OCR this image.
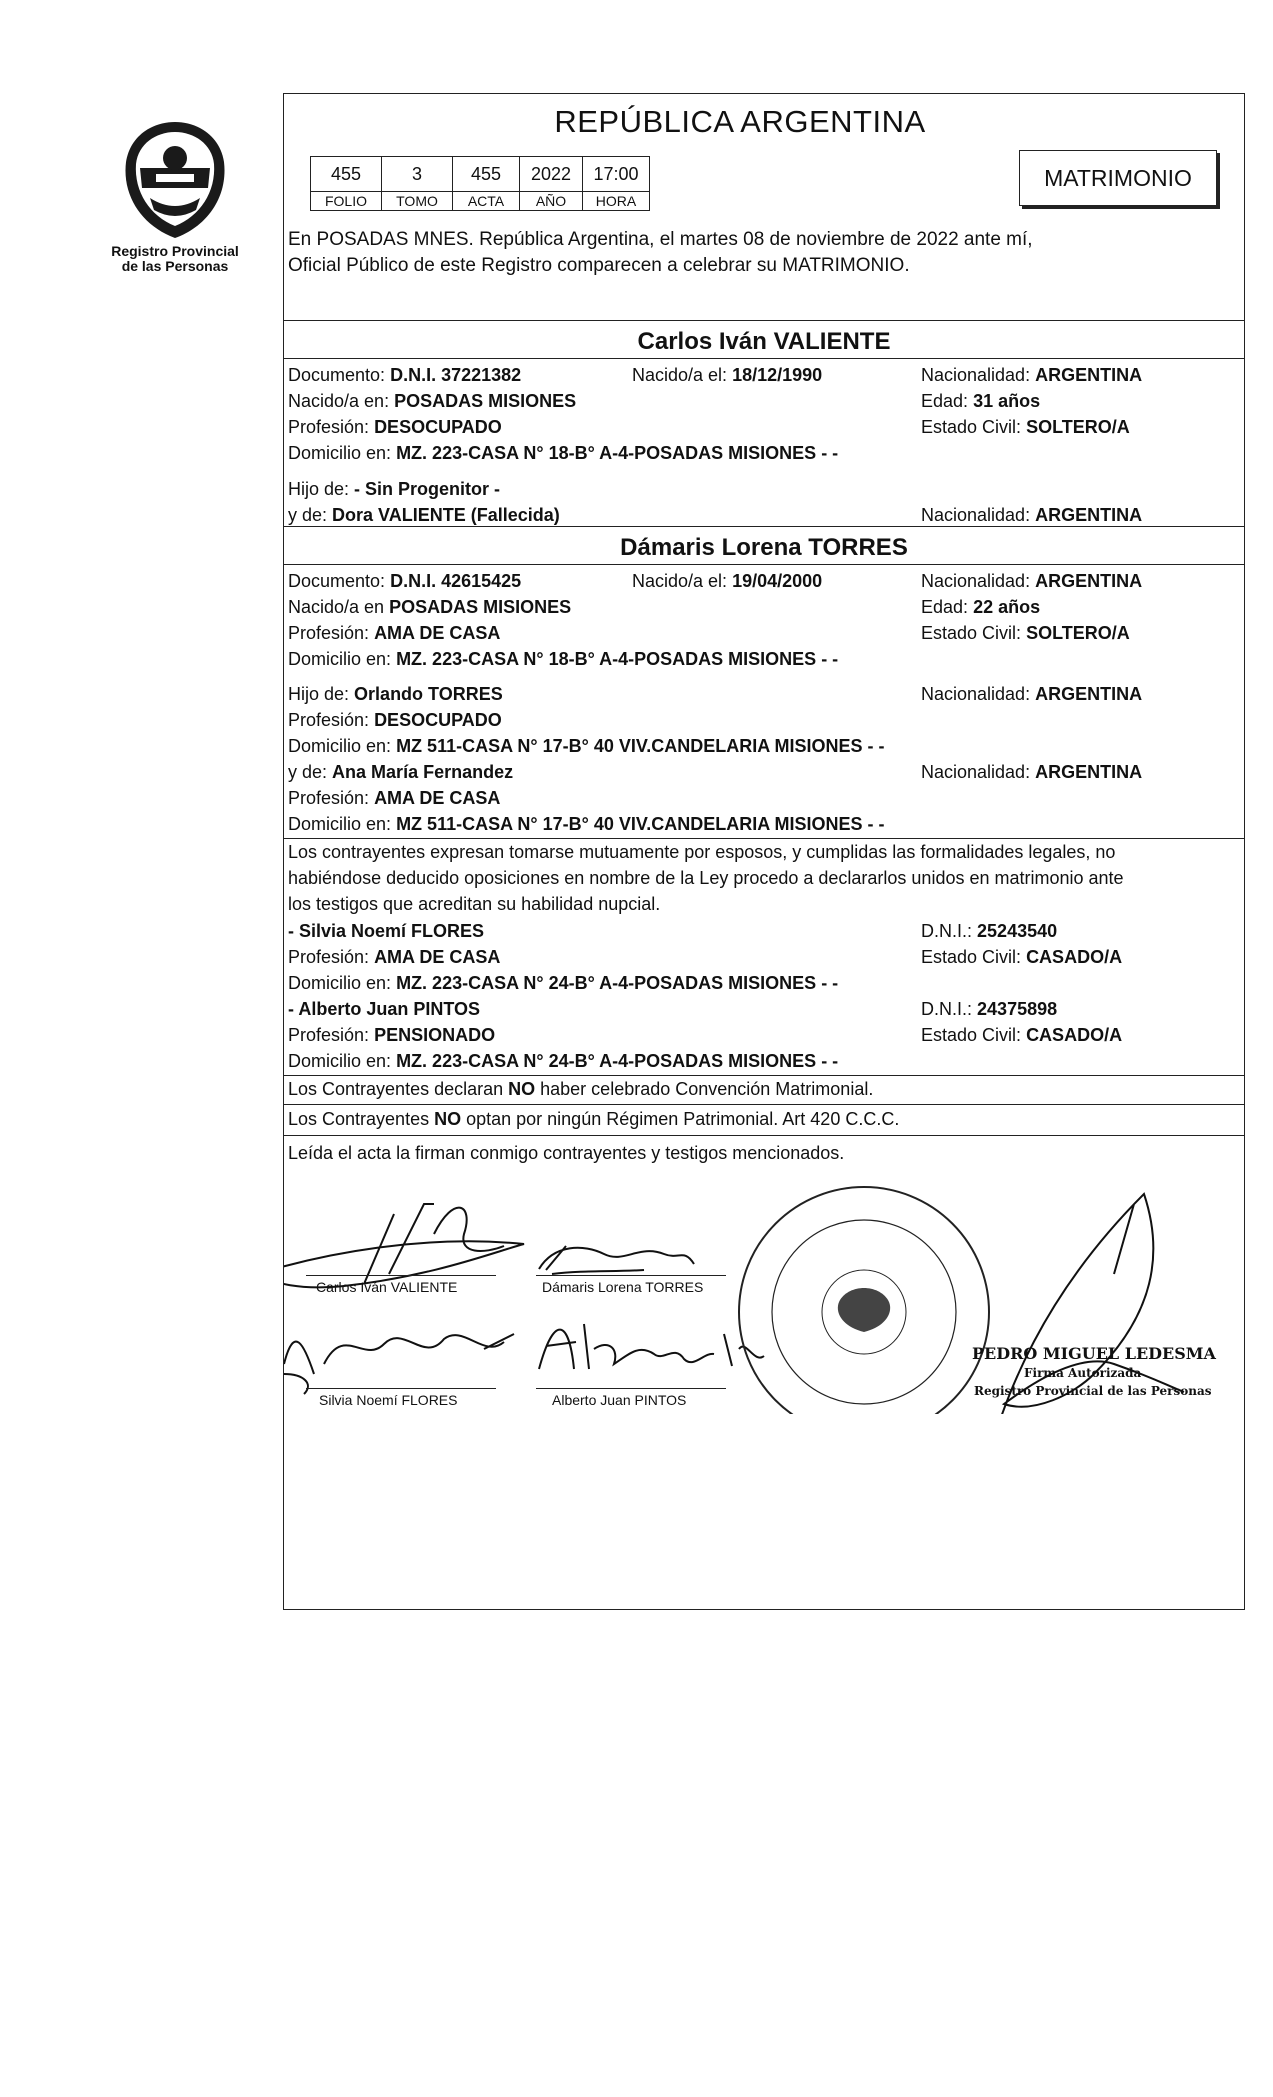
Registro Provincial
de las Personas
REPÚBLICA ARGENTINA
455	3	455	2022	17:00
FOLIO	TOMO	ACTA	AÑO	HORA
MATRIMONIO
En POSADAS MNES. República Argentina, el martes 08 de noviembre de 2022 ante mí,
Oficial Público de este Registro comparecen a celebrar su MATRIMONIO.
Carlos Iván VALIENTE
Documento: D.N.I. 37221382	Nacido/a el: 18/12/1990	Nacionalidad: ARGENTINA
Nacido/a en: POSADAS MISIONES	Edad: 31 años
Profesión: DESOCUPADO	Estado Civil: SOLTERO/A
Domicilio en: MZ. 223-CASA N° 18-B° A-4-POSADAS MISIONES - -
Hijo de: - Sin Progenitor -
y de: Dora VALIENTE (Fallecida)	Nacionalidad: ARGENTINA
Dámaris Lorena TORRES
Documento: D.N.I. 42615425	Nacido/a el: 19/04/2000	Nacionalidad: ARGENTINA
Nacido/a en POSADAS MISIONES	Edad: 22 años
Profesión: AMA DE CASA	Estado Civil: SOLTERO/A
Domicilio en: MZ. 223-CASA N° 18-B° A-4-POSADAS MISIONES - -
Hijo de: Orlando TORRES	Nacionalidad: ARGENTINA
Profesión: DESOCUPADO
Domicilio en: MZ 511-CASA N° 17-B° 40 VIV.CANDELARIA MISIONES - -
y de: Ana María Fernandez	Nacionalidad: ARGENTINA
Profesión: AMA DE CASA
Domicilio en: MZ 511-CASA N° 17-B° 40 VIV.CANDELARIA MISIONES - -
Los contrayentes expresan tomarse mutuamente por esposos, y cumplidas las formalidades legales, no
habiéndose deducido oposiciones en nombre de la Ley procedo a declararlos unidos en matrimonio ante
los testigos que acreditan su habilidad nupcial.
- Silvia Noemí FLORES	D.N.I.: 25243540
Profesión: AMA DE CASA	Estado Civil: CASADO/A
Domicilio en: MZ. 223-CASA N° 24-B° A-4-POSADAS MISIONES - -
- Alberto Juan PINTOS	D.N.I.: 24375898
Profesión: PENSIONADO	Estado Civil: CASADO/A
Domicilio en: MZ. 223-CASA N° 24-B° A-4-POSADAS MISIONES - -
Los Contrayentes declaran NO haber celebrado Convención Matrimonial.
Los Contrayentes NO optan por ningún Régimen Patrimonial. Art 420 C.C.C.
Leída el acta la firman conmigo contrayentes y testigos mencionados.
Carlos Iván VALIENTE	Dámaris Lorena TORRES
Silvia Noemí FLORES	Alberto Juan PINTOS
PEDRO MIGUEL LEDESMA
Firma Autorizada
Registro Provincial de las Personas
